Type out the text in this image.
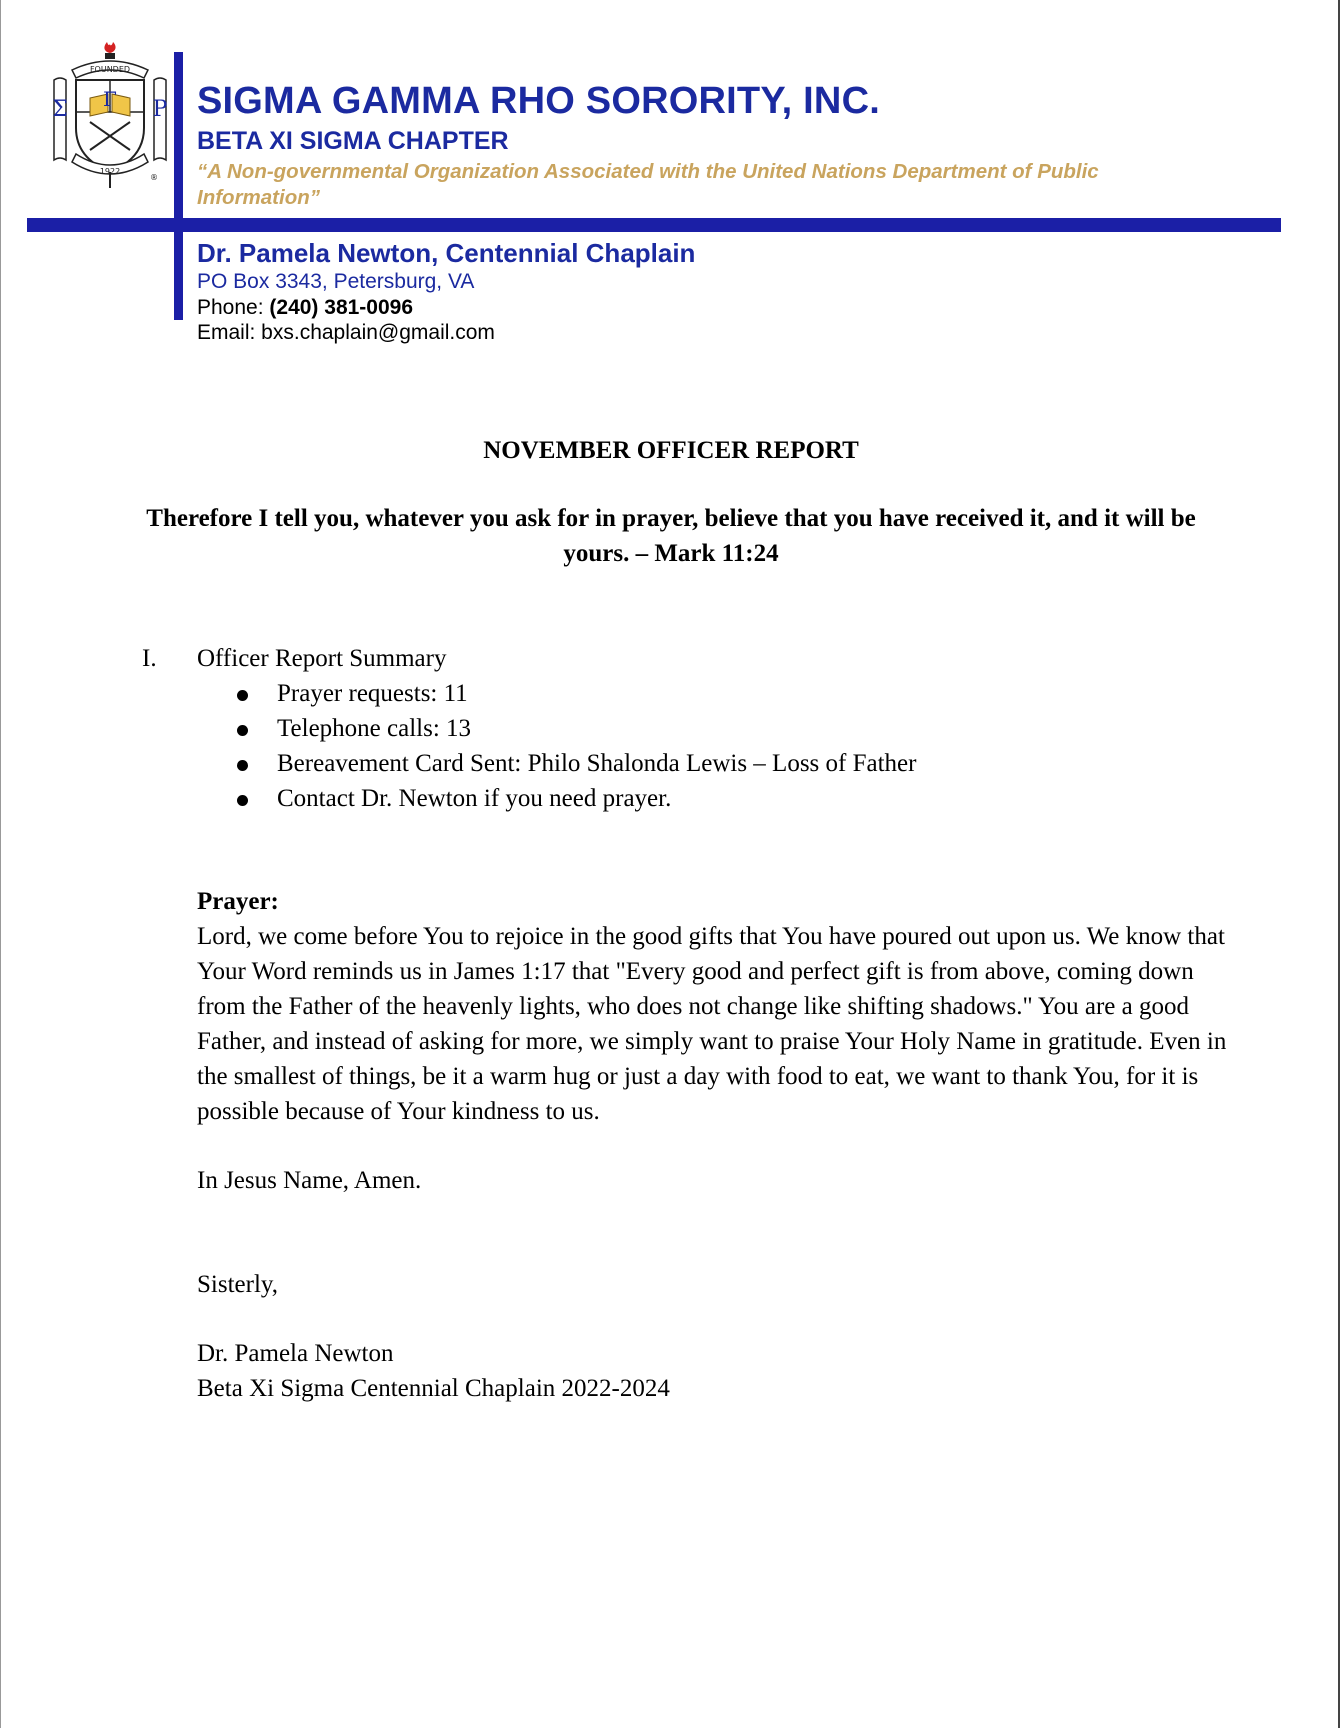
FOUNDED
Σ Γ Ρ
1922
®
SIGMA GAMMA RHO SORORITY, INC.
BETA XI SIGMA CHAPTER
“A Non-governmental Organization Associated with the United Nations Department of Public Information”
Dr. Pamela Newton, Centennial Chaplain
PO Box 3343, Petersburg, VA
Phone: (240) 381-0096
Email: bxs.chaplain@gmail.com
NOVEMBER OFFICER REPORT
Therefore I tell you, whatever you ask for in prayer, believe that you have received it, and it will be yours. – Mark 11:24
I. Officer Report Summary
Prayer requests: 11
Telephone calls: 13
Bereavement Card Sent: Philo Shalonda Lewis – Loss of Father
Contact Dr. Newton if you need prayer.
Prayer:

Lord, we come before You to rejoice in the good gifts that You have poured out upon us. We know that Your Word reminds us in James 1:17 that "Every good and perfect gift is from above, coming down from the Father of the heavenly lights, who does not change like shifting shadows." You are a good Father, and instead of asking for more, we simply want to praise Your Holy Name in gratitude. Even in the smallest of things, be it a warm hug or just a day with food to eat, we want to thank You, for it is possible because of Your kindness to us.

In Jesus Name, Amen.
Sisterly,
Dr. Pamela Newton
Beta Xi Sigma Centennial Chaplain 2022-2024
